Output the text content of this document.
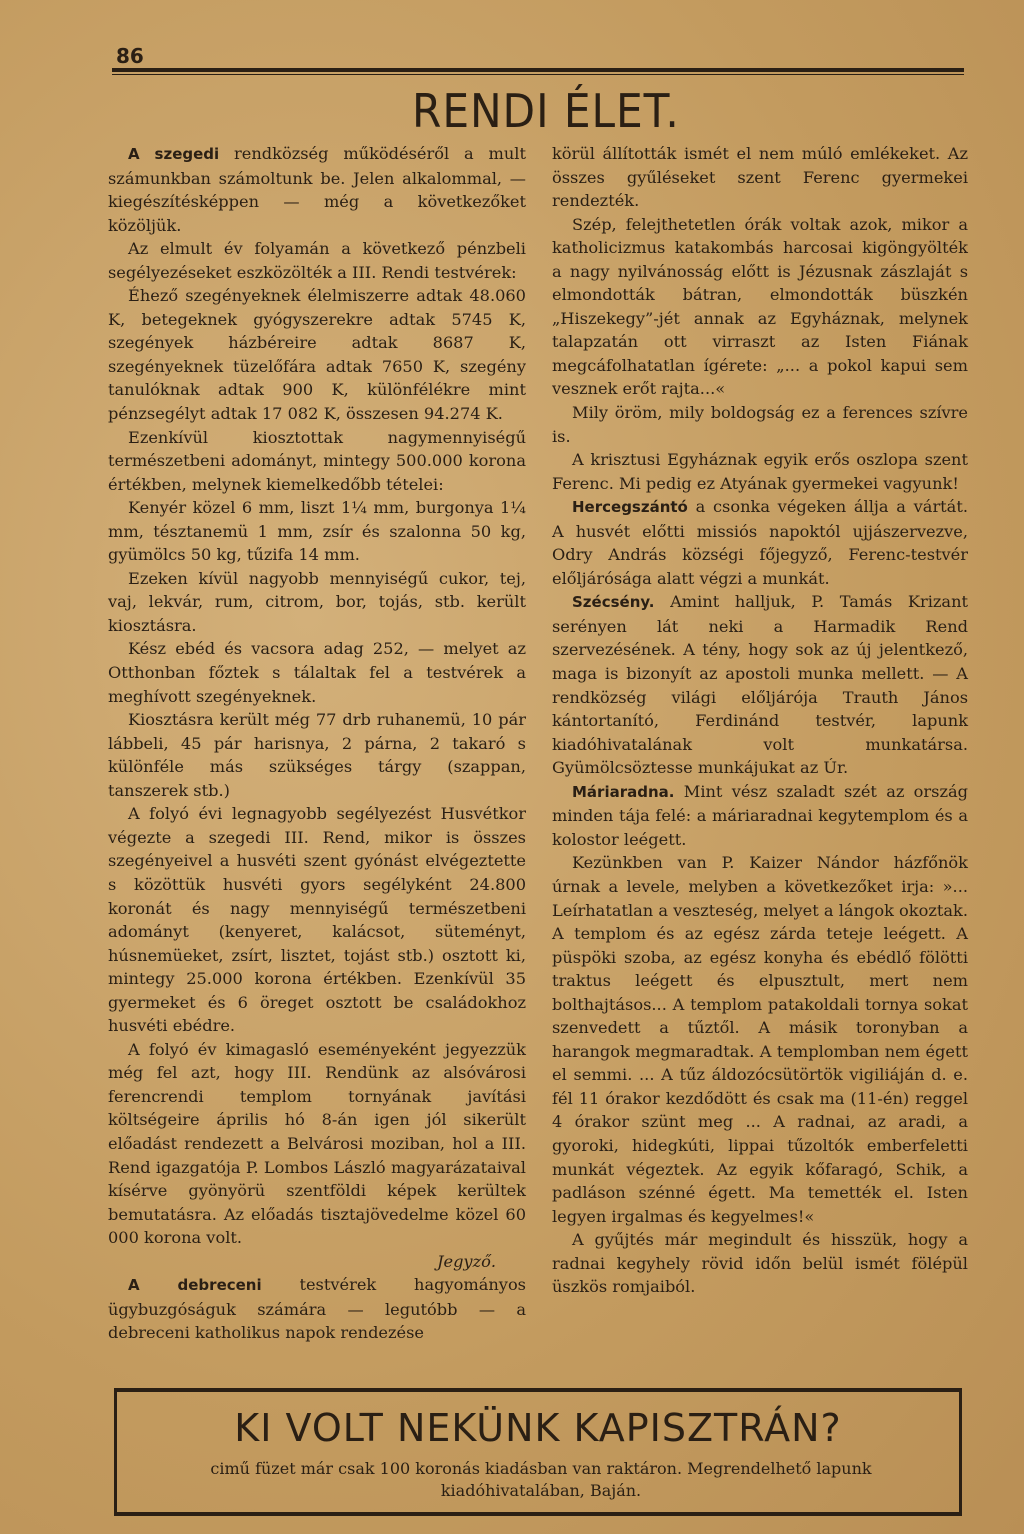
86
RENDI ÉLET.

A szegedi rendközség működéséről a mult számunkban számoltunk be. Jelen alkalommal, — kiegészítésképpen — még a következőket közöljük.

Az elmult év folyamán a következő pénzbeli segélyezéseket eszközölték a III. Rendi testvérek:

Éhező szegényeknek élelmiszerre adtak 48.060 K, betegeknek gyógyszerekre adtak 5745 K, szegények házbéreire adtak 8687 K, szegényeknek tüzelőfára adtak 7650 K, szegény tanulóknak adtak 900 K, különfélékre mint pénzsegélyt adtak 17 082 K, összesen 94.274 K.

Ezenkívül kiosztottak nagymennyiségű természetbeni adományt, mintegy 500.000 korona értékben, melynek kiemelkedőbb tételei:

Kenyér közel 6 mm, liszt 1¼ mm, burgonya 1¼ mm, tésztanemü 1 mm, zsír és szalonna 50 kg, gyümölcs 50 kg, tűzifa 14 mm.

Ezeken kívül nagyobb mennyiségű cukor, tej, vaj, lekvár, rum, citrom, bor, tojás, stb. került kiosztásra.

Kész ebéd és vacsora adag 252, — melyet az Otthonban főztek s tálaltak fel a testvérek a meghívott szegényeknek.

Kiosztásra került még 77 drb ruhanemü, 10 pár lábbeli, 45 pár harisnya, 2 párna, 2 takaró s különféle más szükséges tárgy (szappan, tanszerek stb.)

A folyó évi legnagyobb segélyezést Husvétkor végezte a szegedi III. Rend, mikor is összes szegényeivel a husvéti szent gyónást elvégeztette s közöttük husvéti gyors segélyként 24.800 koronát és nagy mennyiségű természetbeni adományt (kenyeret, kalácsot, süteményt, húsnemüeket, zsírt, lisztet, tojást stb.) osztott ki, mintegy 25.000 korona értékben. Ezenkívül 35 gyermeket és 6 öreget osztott be családokhoz husvéti ebédre.

A folyó év kimagasló eseményeként jegyezzük még fel azt, hogy III. Rendünk az alsóvárosi ferencrendi templom tornyának javítási költségeire április hó 8-án igen jól sikerült előadást rendezett a Belvárosi moziban, hol a III. Rend igazgatója P. Lombos László magyarázataival kísérve gyönyörü szentföldi képek kerültek bemutatásra. Az előadás tisztajövedelme közel 60 000 korona volt.

Jegyző.

A debreceni testvérek hagyományos ügybuzgóságuk számára — legutóbb — a debreceni katholikus napok rendezése

körül állították ismét el nem múló emlékeket. Az összes gyűléseket szent Ferenc gyermekei rendezték.

Szép, felejthetetlen órák voltak azok, mikor a katholicizmus katakombás harcosai kigöngyölték a nagy nyilvánosság előtt is Jézusnak zászlaját s elmondották bátran, elmondották büszkén „Hiszekegy”-jét annak az Egyháznak, melynek talapzatán ott virraszt az Isten Fiának megcáfolhatatlan ígérete: „... a pokol kapui sem vesznek erőt rajta...«

Mily öröm, mily boldogság ez a ferences szívre is.

A krisztusi Egyháznak egyik erős oszlopa szent Ferenc. Mi pedig ez Atyának gyermekei vagyunk!

Hercegszántó a csonka végeken állja a vártát. A husvét előtti missiós napoktól ujjászervezve, Odry András községi főjegyző, Ferenc-testvér előljárósága alatt végzi a munkát.

Szécsény. Amint halljuk, P. Tamás Krizant serényen lát neki a Harmadik Rend szervezésének. A tény, hogy sok az új jelentkező, maga is bizonyít az apostoli munka mellett. — A rendközség világi előljárója Trauth János kántortanító, Ferdinánd testvér, lapunk kiadóhivatalának volt munkatársa. Gyümölcsöztesse munkájukat az Úr.

Máriaradna. Mint vész szaladt szét az ország minden tája felé: a máriaradnai kegytemplom és a kolostor leégett.

Kezünkben van P. Kaizer Nándor házfőnök úrnak a levele, melyben a következőket irja: »... Leírhatatlan a veszteség, melyet a lángok okoztak. A templom és az egész zárda teteje leégett. A püspöki szoba, az egész konyha és ebédlő fölötti traktus leégett és elpusztult, mert nem bolthajtásos... A templom patakoldali tornya sokat szenvedett a tűztől. A másik toronyban a harangok megmaradtak. A templomban nem égett el semmi. ... A tűz áldozócsütörtök vigiliáján d. e. fél 11 órakor kezdődött és csak ma (11-én) reggel 4 órakor szünt meg ... A radnai, az aradi, a gyoroki, hidegkúti, lippai tűzoltók emberfeletti munkát végeztek. Az egyik kőfaragó, Schik, a padláson szénné égett. Ma temették el. Isten legyen irgalmas és kegyelmes!«

A gyűjtés már megindult és hisszük, hogy a radnai kegyhely rövid időn belül ismét fölépül üszkös romjaiból.

KI VOLT NEKÜNK KAPISZTRÁN?
cimű füzet már csak 100 koronás kiadásban van raktáron. Megrendelhető lapunk kiadóhivatalában, Baján.
